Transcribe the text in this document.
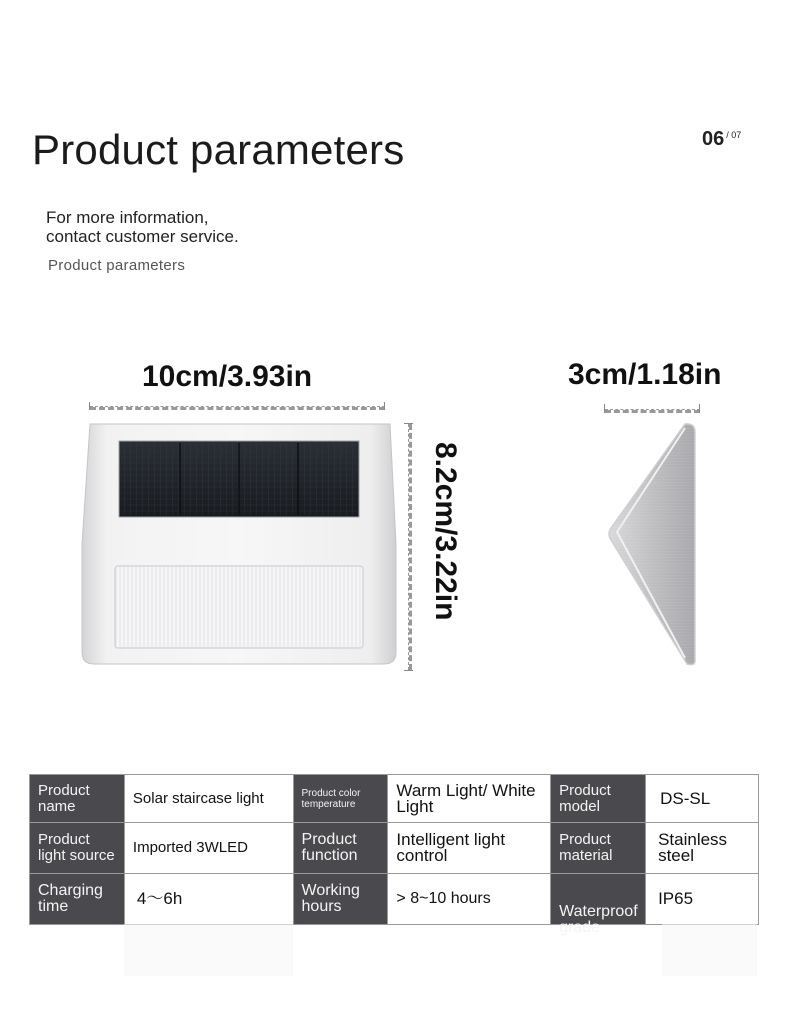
Product parameters	06 $^{/ 07}$
For more information,
contact customer service.
Product parameters
10cm/3.93in	3cm/1.18in
8.2cm/3.22in
Product name	Solar staircase light	Product color temperature	Warm Light/ White Light	Product model	DS-SL
Product light source	Imported 3WLED	Product function	Intelligent light control	Product material	Stainless steel
Charging time	4～6h	Working hours	> 8~10 hours	Waterproof grade	IP65
